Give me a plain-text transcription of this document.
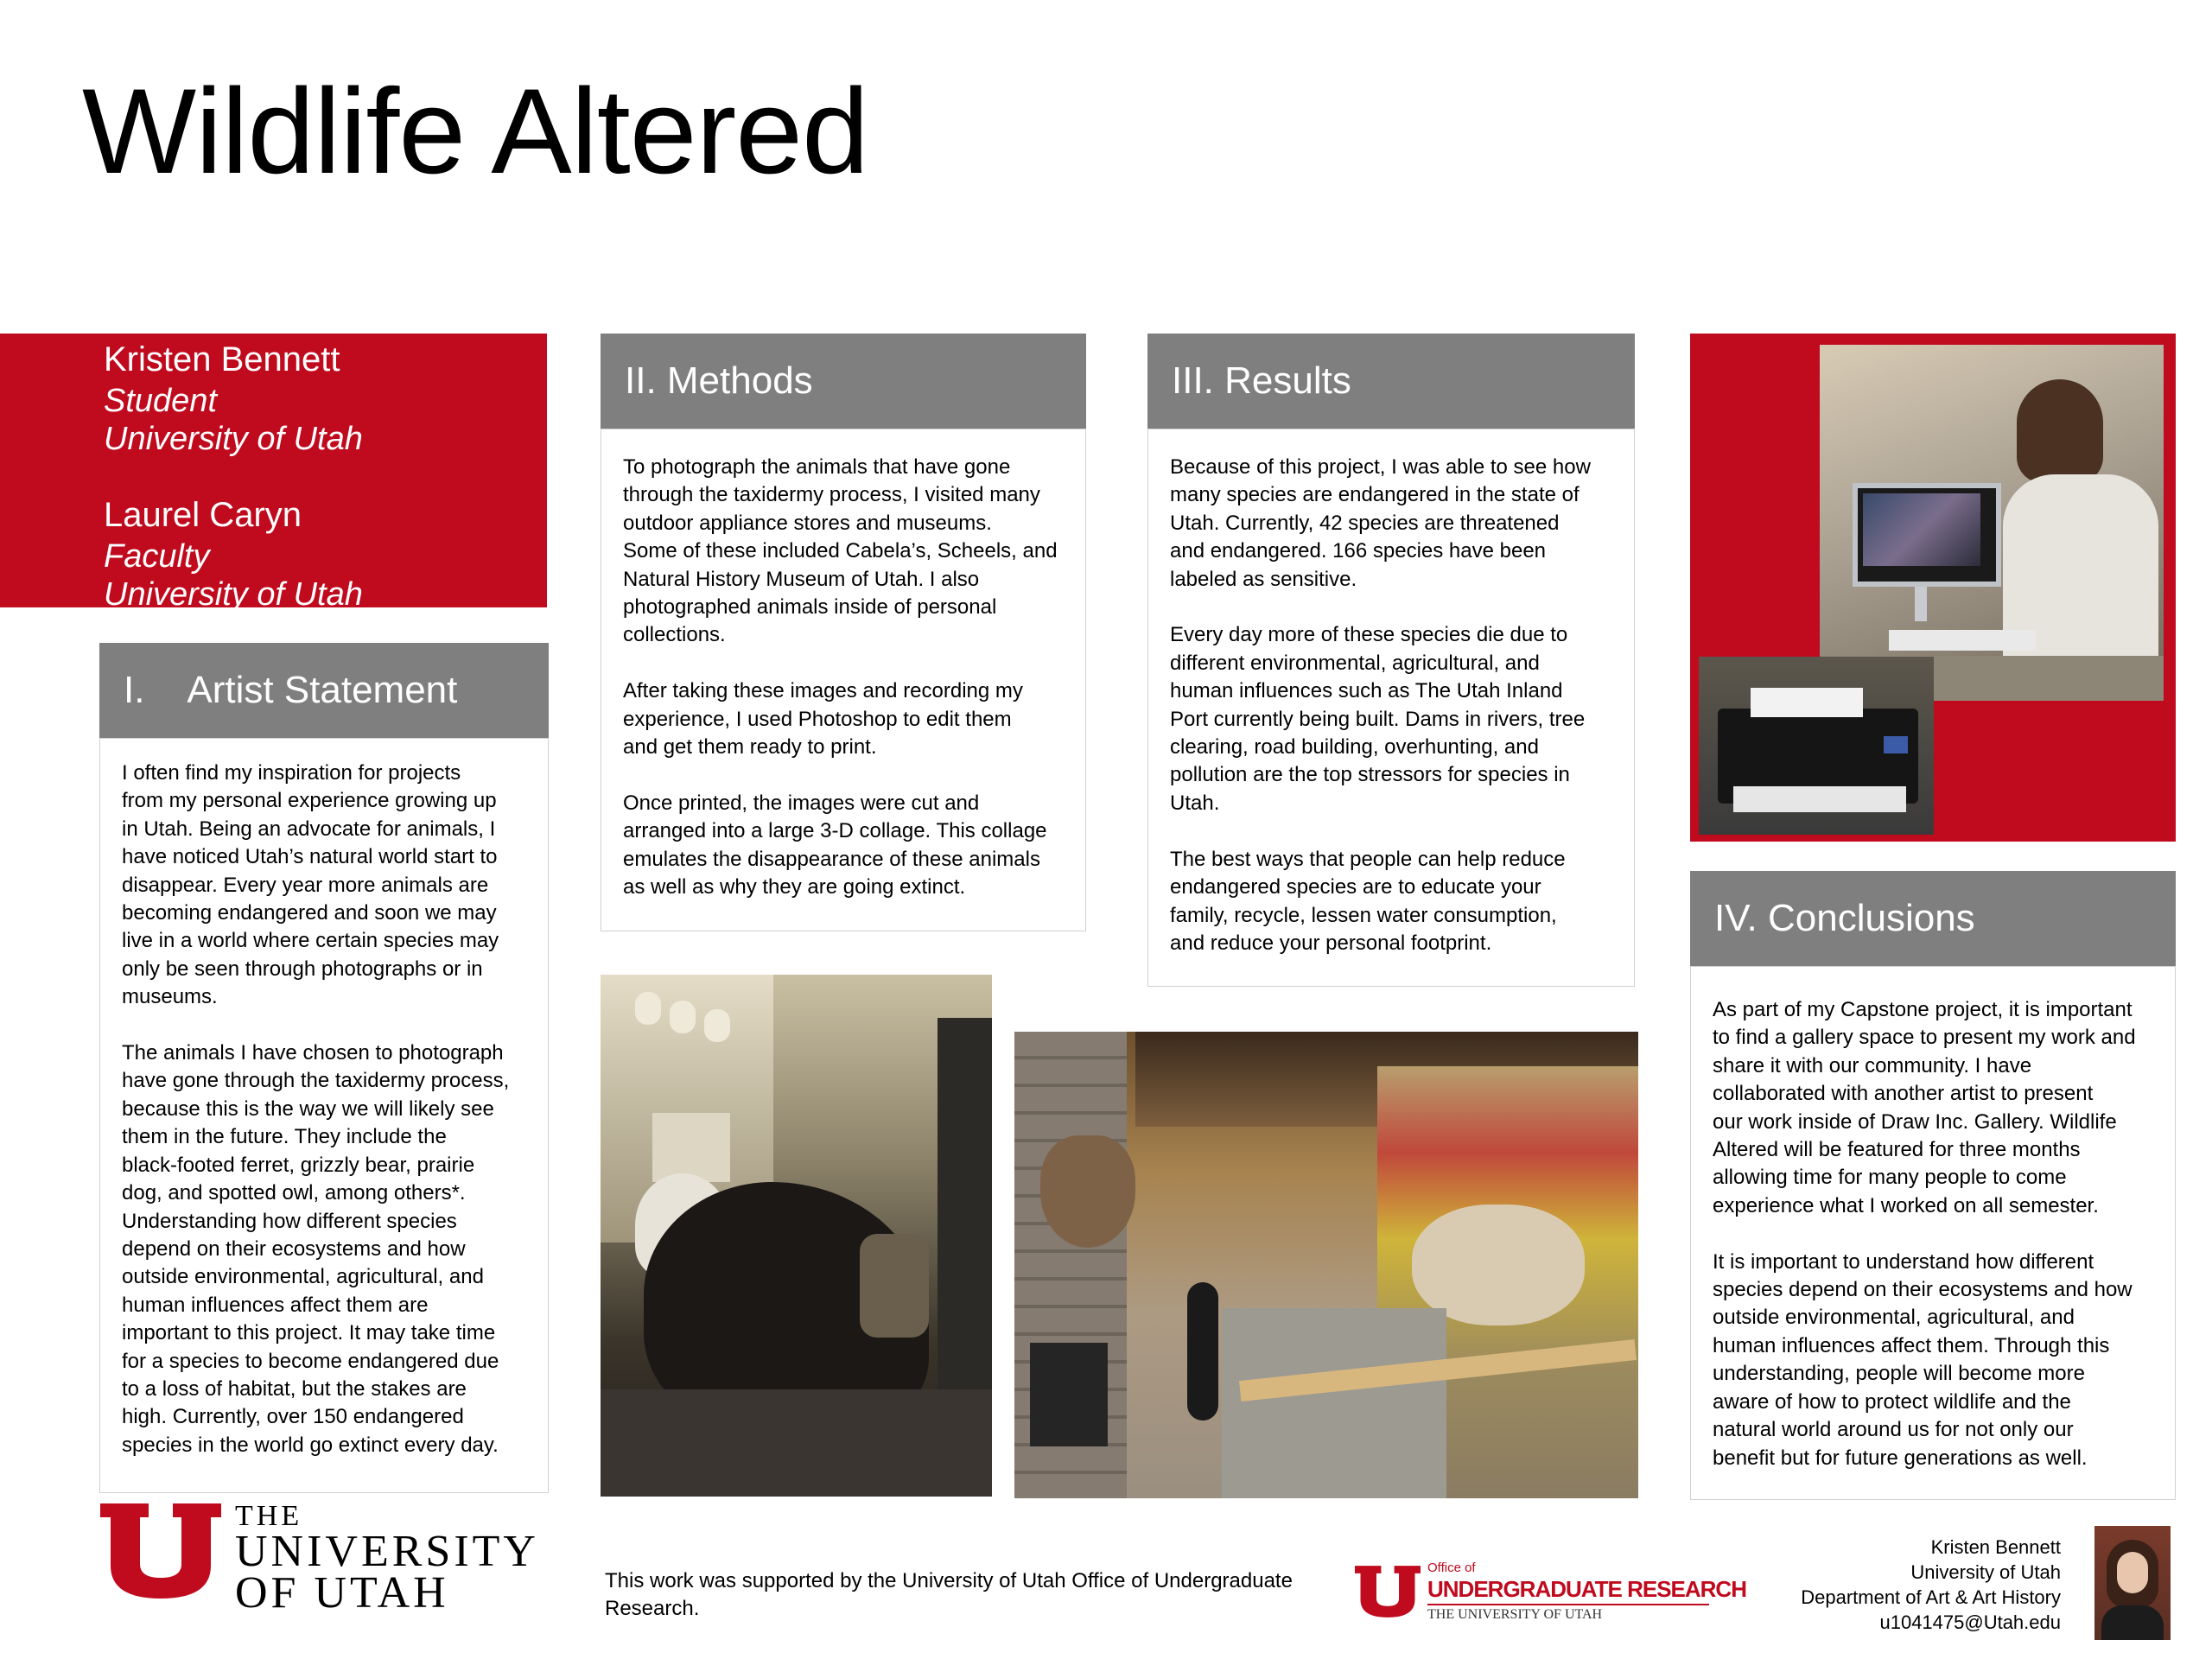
Wildlife Altered
Kristen Bennett
Student
University of Utah
Laurel Caryn
Faculty
University of Utah
I.    Artist Statement
I often find my inspiration for projects
from my personal experience growing up
in Utah. Being an advocate for animals, I
have noticed Utah’s natural world start to
disappear. Every year more animals are
becoming endangered and soon we may
live in a world where certain species may
only be seen through photographs or in
museums.

The animals I have chosen to photograph
have gone through the taxidermy process,
because this is the way we will likely see
them in the future. They include the
black-footed ferret, grizzly bear, prairie
dog, and spotted owl, among others*.
Understanding how different species
depend on their ecosystems and how
outside environmental, agricultural, and
human influences affect them are
important to this project. It may take time
for a species to become endangered due
to a loss of habitat, but the stakes are
high. Currently, over 150 endangered
species in the world go extinct every day.
II. Methods
To photograph the animals that have gone
through the taxidermy process, I visited many
outdoor appliance stores and museums.
Some of these included Cabela’s, Scheels, and
Natural History Museum of Utah. I also
photographed animals inside of personal
collections.

After taking these images and recording my
experience, I used Photoshop to edit them
and get them ready to print.

Once printed, the images were cut and
arranged into a large 3-D collage. This collage
emulates the disappearance of these animals
as well as why they are going extinct.
III. Results
Because of this project, I was able to see how
many species are endangered in the state of
Utah. Currently, 42 species are threatened
and endangered. 166 species have been
labeled as sensitive.

Every day more of these species die due to
different environmental, agricultural, and
human influences such as The Utah Inland
Port currently being built. Dams in rivers, tree
clearing, road building, overhunting, and
pollution are the top stressors for species in
Utah.

The best ways that people can help reduce
endangered species are to educate your
family, recycle, lessen water consumption,
and reduce your personal footprint.
IV. Conclusions
As part of my Capstone project, it is important
to find a gallery space to present my work and
share it with our community. I have
collaborated with another artist to present
our work inside of Draw Inc. Gallery. Wildlife
Altered will be featured for three months
allowing time for many people to come
experience what I worked on all semester.

It is important to understand how different
species depend on their ecosystems and how
outside environmental, agricultural, and
human influences affect them. Through this
understanding, people will become more
aware of how to protect wildlife and the
natural world around us for not only our
benefit but for future generations as well.
THE
UNIVERSITY
OF UTAH	This work was supported by the University of Utah Office of Undergraduate Research.
Office of
UNDERGRADUATE RESEARCH
THE UNIVERSITY OF UTAH
Kristen Bennett
University of Utah
Department of Art & Art History
u1041475@Utah.edu
